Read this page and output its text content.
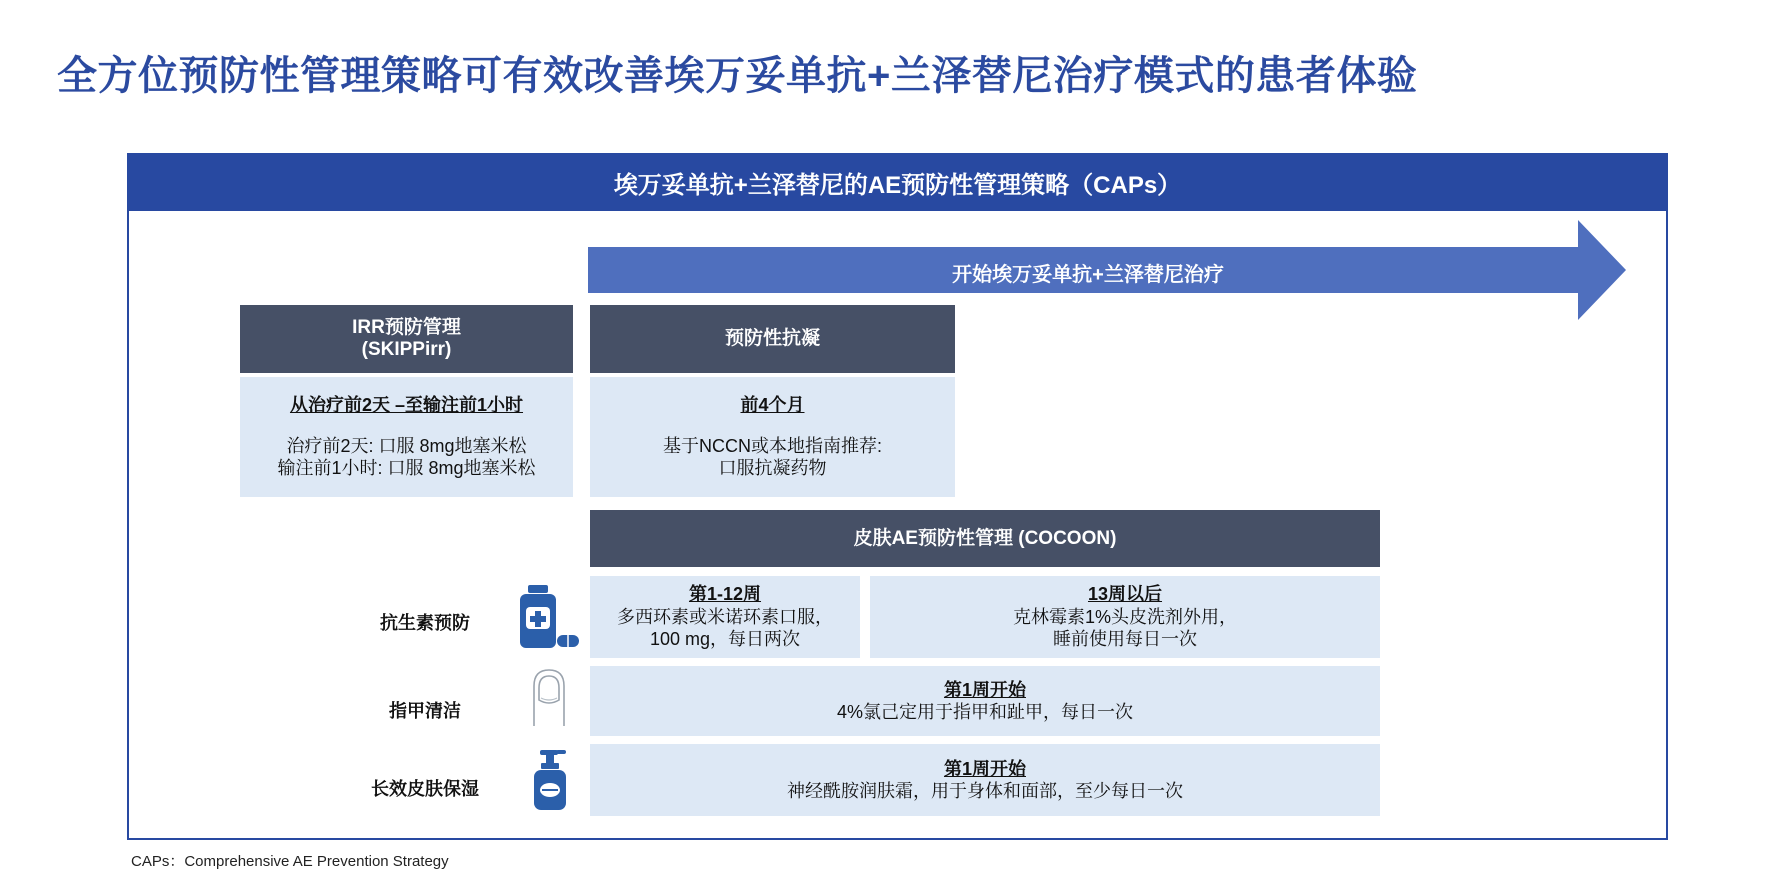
全方位预防性管理策略可有效改善埃万妥单抗+兰泽替尼治疗模式的患者体验
埃万妥单抗+兰泽替尼的AE预防性管理策略（CAPs）
开始埃万妥单抗+兰泽替尼治疗
IRR预防管理
(SKIPPirr)
从治疗前2天 –至输注前1小时
治疗前2天: 口服 8mg地塞米松
输注前1小时: 口服 8mg地塞米松
预防性抗凝
前4个月
基于NCCN或本地指南推荐:
口服抗凝药物
皮肤AE预防性管理 (COCOON)
抗生素预防
第1-12周
多西环素或米诺环素口服，
100 mg，每日两次
13周以后
克林霉素1%头皮洗剂外用，
睡前使用每日一次
指甲清洁
第1周开始
4%氯己定用于指甲和趾甲，每日一次
长效皮肤保湿
第1周开始
神经酰胺润肤霜，用于身体和面部，至少每日一次
CAPs：Comprehensive AE Prevention Strategy
